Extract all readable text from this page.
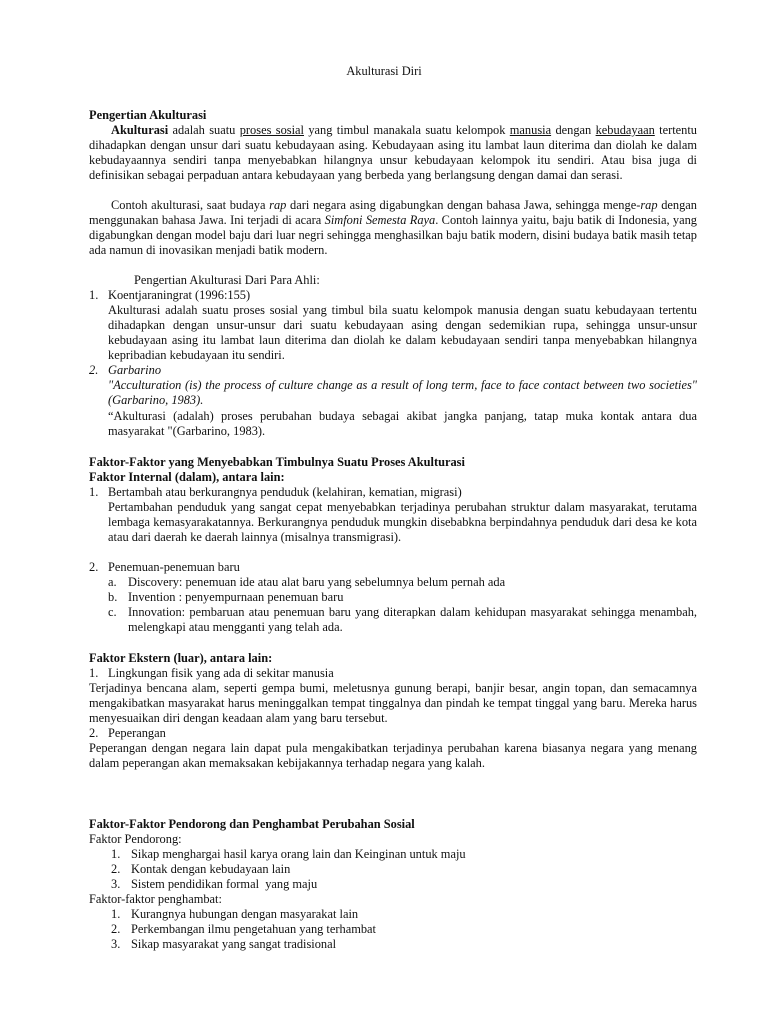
Akulturasi Diri
Pengertian Akulturasi
Akulturasi adalah suatu proses sosial yang timbul manakala suatu kelompok manusia dengan kebudayaan tertentu dihadapkan dengan unsur dari suatu kebudayaan asing. Kebudayaan asing itu lambat laun diterima dan diolah ke dalam kebudayaannya sendiri tanpa menyebabkan hilangnya unsur kebudayaan kelompok itu sendiri. Atau bisa juga di definisikan sebagai perpaduan antara kebudayaan yang berbeda yang berlangsung dengan damai dan serasi.
Contoh akulturasi, saat budaya rap dari negara asing digabungkan dengan bahasa Jawa, sehingga menge-rap dengan menggunakan bahasa Jawa. Ini terjadi di acara Simfoni Semesta Raya. Contoh lainnya yaitu, baju batik di Indonesia, yang digabungkan dengan model baju dari luar negri sehingga menghasilkan baju batik modern, disini budaya batik masih tetap ada namun di inovasikan menjadi batik modern.
Pengertian Akulturasi Dari Para Ahli:
1. Koentjaraningrat (1996:155)
Akulturasi adalah suatu proses sosial yang timbul bila suatu kelompok manusia dengan suatu kebudayaan tertentu dihadapkan dengan unsur-unsur dari suatu kebudayaan asing dengan sedemikian rupa, sehingga unsur-unsur kebudayaan asing itu lambat laun diterima dan diolah ke dalam kebudayaan sendiri tanpa menyebabkan hilangnya kepribadian kebudayaan itu sendiri.
2. Garbarino
"Acculturation (is) the process of culture change as a result of long term, face to face contact between two societies" (Garbarino, 1983).
“Akulturasi (adalah) proses perubahan budaya sebagai akibat jangka panjang, tatap muka kontak antara dua masyarakat "(Garbarino, 1983).
Faktor-Faktor yang Menyebabkan Timbulnya Suatu Proses Akulturasi
Faktor Internal (dalam), antara lain:
1. Bertambah atau berkurangnya penduduk (kelahiran, kematian, migrasi)
Pertambahan penduduk yang sangat cepat menyebabkan terjadinya perubahan struktur dalam masyarakat, terutama lembaga kemasyarakatannya. Berkurangnya penduduk mungkin disebabkna berpindahnya penduduk dari desa ke kota atau dari daerah ke daerah lainnya (misalnya transmigrasi).
2. Penemuan-penemuan baru
a. Discovery: penemuan ide atau alat baru yang sebelumnya belum pernah ada
b. Invention : penyempurnaan penemuan baru
c. Innovation: pembaruan atau penemuan baru yang diterapkan dalam kehidupan masyarakat sehingga menambah, melengkapi atau mengganti yang telah ada.
Faktor Ekstern (luar), antara lain:
1. Lingkungan fisik yang ada di sekitar manusia
Terjadinya bencana alam, seperti gempa bumi, meletusnya gunung berapi, banjir besar, angin topan, dan semacamnya mengakibatkan masyarakat harus meninggalkan tempat tinggalnya dan pindah ke tempat tinggal yang baru. Mereka harus menyesuaikan diri dengan keadaan alam yang baru tersebut.
2. Peperangan
Peperangan dengan negara lain dapat pula mengakibatkan terjadinya perubahan karena biasanya negara yang menang dalam peperangan akan memaksakan kebijakannya terhadap negara yang kalah.
Faktor-Faktor Pendorong dan Penghambat Perubahan Sosial
Faktor Pendorong:
1. Sikap menghargai hasil karya orang lain dan Keinginan untuk maju
2. Kontak dengan kebudayaan lain
3. Sistem pendidikan formal  yang maju
Faktor-faktor penghambat:
1. Kurangnya hubungan dengan masyarakat lain
2. Perkembangan ilmu pengetahuan yang terhambat
3. Sikap masyarakat yang sangat tradisional
